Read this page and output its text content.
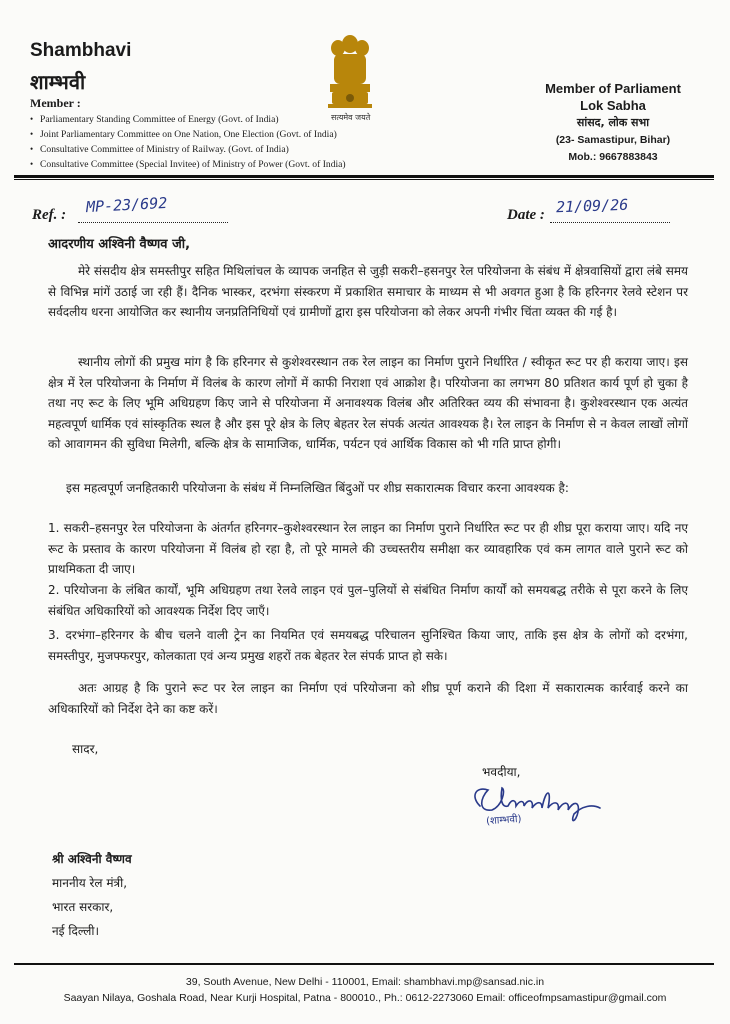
Shambhavi
शाम्भवी
Member :
• Parliamentary Standing Committee of Energy (Govt. of India)
• Joint Parliamentary Committee on One Nation, One Election (Govt. of India)
• Consultative Committee of Ministry of Railway. (Govt. of India)
• Consultative Committee (Special Invitee) of Ministry of Power (Govt. of India)
सत्यमेव जयते
Member of Parliament
Lok Sabha
सांसद, लोक सभा
(23- Samastipur, Bihar)
Mob.: 9667883843
Ref. : MP-23/692	Date : 21/09/26
आदरणीय अश्विनी वैष्णव जी,
मेरे संसदीय क्षेत्र समस्तीपुर सहित मिथिलांचल के व्यापक जनहित से जुड़ी सकरी–हसनपुर रेल परियोजना के संबंध में क्षेत्रवासियों द्वारा लंबे समय से विभिन्न मांगें उठाई जा रही हैं। दैनिक भास्कर, दरभंगा संस्करण में प्रकाशित समाचार के माध्यम से भी अवगत हुआ है कि हरिनगर रेलवे स्टेशन पर सर्वदलीय धरना आयोजित कर स्थानीय जनप्रतिनिधियों एवं ग्रामीणों द्वारा इस परियोजना को लेकर अपनी गंभीर चिंता व्यक्त की गई है।
स्थानीय लोगों की प्रमुख मांग है कि हरिनगर से कुशेश्वरस्थान तक रेल लाइन का निर्माण पुराने निर्धारित / स्वीकृत रूट पर ही कराया जाए। इस क्षेत्र में रेल परियोजना के निर्माण में विलंब के कारण लोगों में काफी निराशा एवं आक्रोश है। परियोजना का लगभग 80 प्रतिशत कार्य पूर्ण हो चुका है तथा नए रूट के लिए भूमि अधिग्रहण किए जाने से परियोजना में अनावश्यक विलंब और अतिरिक्त व्यय की संभावना है। कुशेश्वरस्थान एक अत्यंत महत्वपूर्ण धार्मिक एवं सांस्कृतिक स्थल है और इस पूरे क्षेत्र के लिए बेहतर रेल संपर्क अत्यंत आवश्यक है। रेल लाइन के निर्माण से न केवल लाखों लोगों को आवागमन की सुविधा मिलेगी, बल्कि क्षेत्र के सामाजिक, धार्मिक, पर्यटन एवं आर्थिक विकास को भी गति प्राप्त होगी।
इस महत्वपूर्ण जनहितकारी परियोजना के संबंध में निम्नलिखित बिंदुओं पर शीघ्र सकारात्मक विचार करना आवश्यक है:
1. सकरी–हसनपुर रेल परियोजना के अंतर्गत हरिनगर–कुशेश्वरस्थान रेल लाइन का निर्माण पुराने निर्धारित रूट पर ही शीघ्र पूरा कराया जाए। यदि नए रूट के प्रस्ताव के कारण परियोजना में विलंब हो रहा है, तो पूरे मामले की उच्चस्तरीय समीक्षा कर व्यावहारिक एवं कम लागत वाले पुराने रूट को प्राथमिकता दी जाए।
2. परियोजना के लंबित कार्यों, भूमि अधिग्रहण तथा रेलवे लाइन एवं पुल–पुलियों से संबंधित निर्माण कार्यों को समयबद्ध तरीके से पूरा करने के लिए संबंधित अधिकारियों को आवश्यक निर्देश दिए जाएँ।
3. दरभंगा–हरिनगर के बीच चलने वाली ट्रेन का नियमित एवं समयबद्ध परिचालन सुनिश्चित किया जाए, ताकि इस क्षेत्र के लोगों को दरभंगा, समस्तीपुर, मुजफ्फरपुर, कोलकाता एवं अन्य प्रमुख शहरों तक बेहतर रेल संपर्क प्राप्त हो सके।
अतः आग्रह है कि पुराने रूट पर रेल लाइन का निर्माण एवं परियोजना को शीघ्र पूर्ण कराने की दिशा में सकारात्मक कार्रवाई करने का अधिकारियों को निर्देश देने का कष्ट करें।
सादर,
भवदीया,
(शाम्भवी)
श्री अश्विनी वैष्णव
माननीय रेल मंत्री,
भारत सरकार,
नई दिल्ली।
39, South Avenue, New Delhi - 110001, Email: shambhavi.mp@sansad.nic.in
Saayan Nilaya, Goshala Road, Near Kurji Hospital, Patna - 800010., Ph.: 0612-2273060 Email: officeofmpsamastipur@gmail.com
